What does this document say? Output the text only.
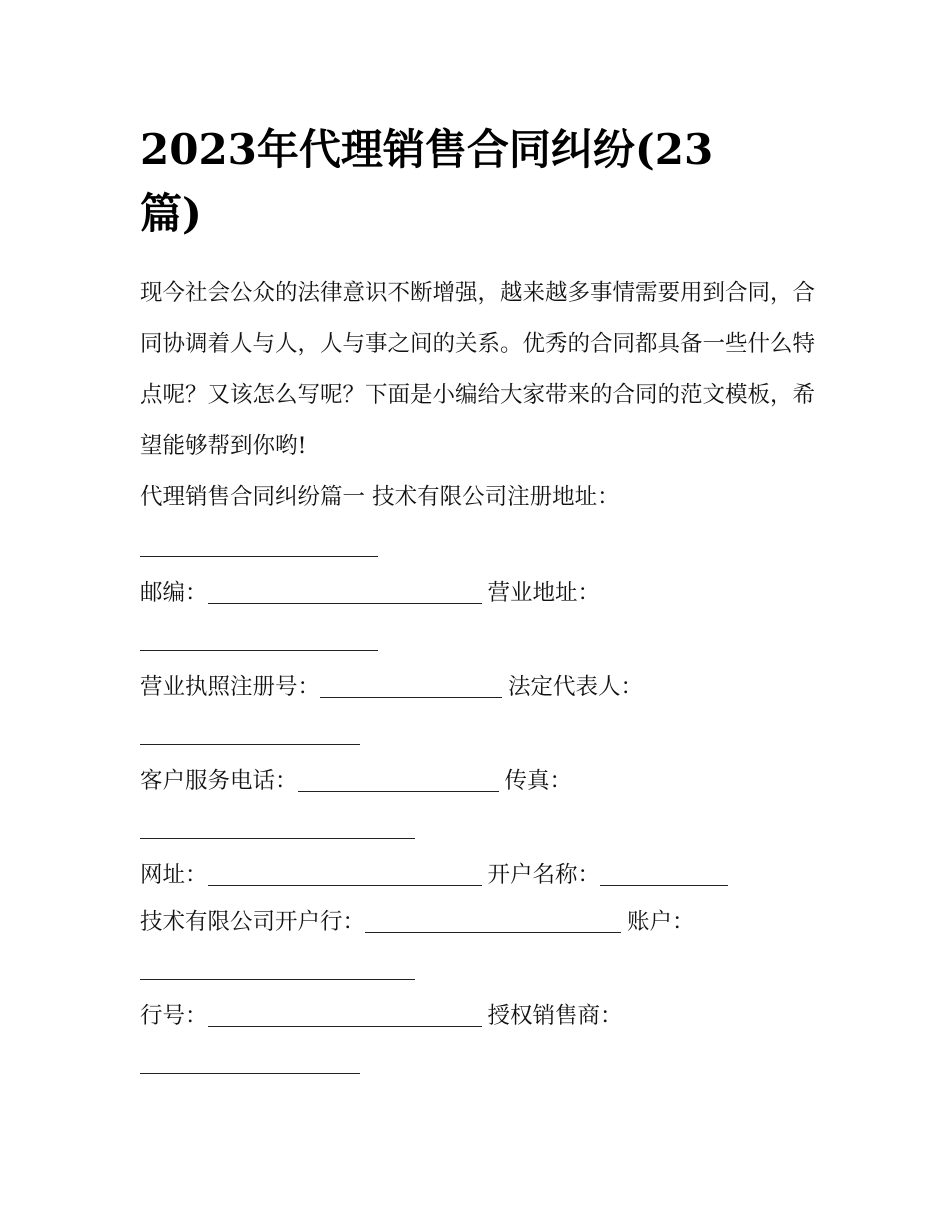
2023年代理销售合同纠纷(23
篇)

现今社会公众的法律意识不断增强，越来越多事情需要用到合同，合同协调着人与人，人与事之间的关系。优秀的合同都具备一些什么特点呢？又该怎么写呢？下面是小编给大家带来的合同的范文模板，希望能够帮到你哟!

代理销售合同纠纷篇一 技术有限公司注册地址：

邮编：	营业地址：

营业执照注册号：	法定代表人：

客户服务电话：	传真：

网址：	开户名称：

技术有限公司开户行：	账户：

行号：	授权销售商：
